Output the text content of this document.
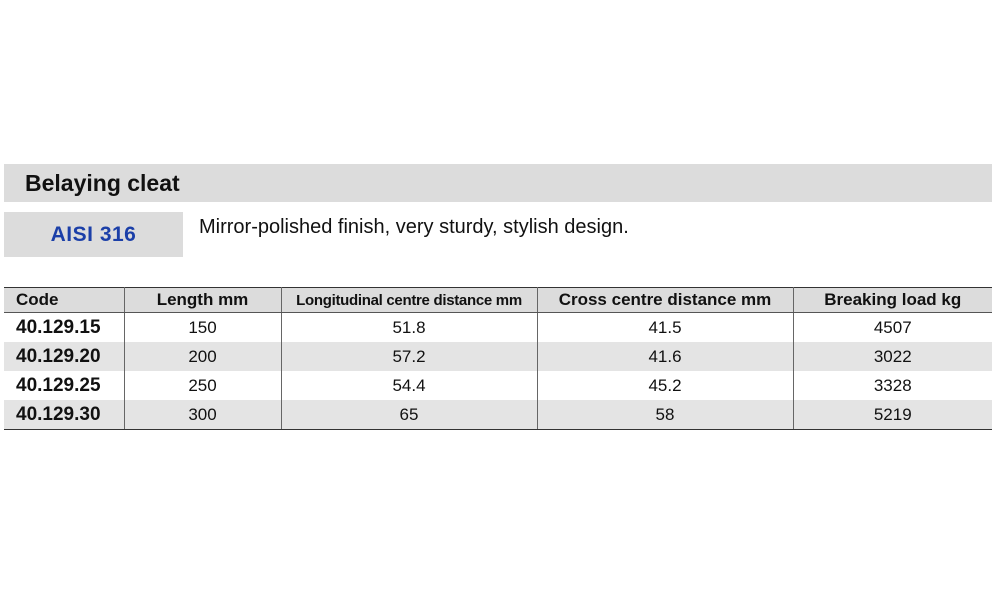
Belaying cleat
AISI 316	Mirror-polished finish, very sturdy, stylish design.
Code	Length mm	Longitudinal centre distance mm	Cross centre distance mm	Breaking load kg
40.129.15	150	51.8	41.5	4507
40.129.20	200	57.2	41.6	3022
40.129.25	250	54.4	45.2	3328
40.129.30	300	65	58	5219
